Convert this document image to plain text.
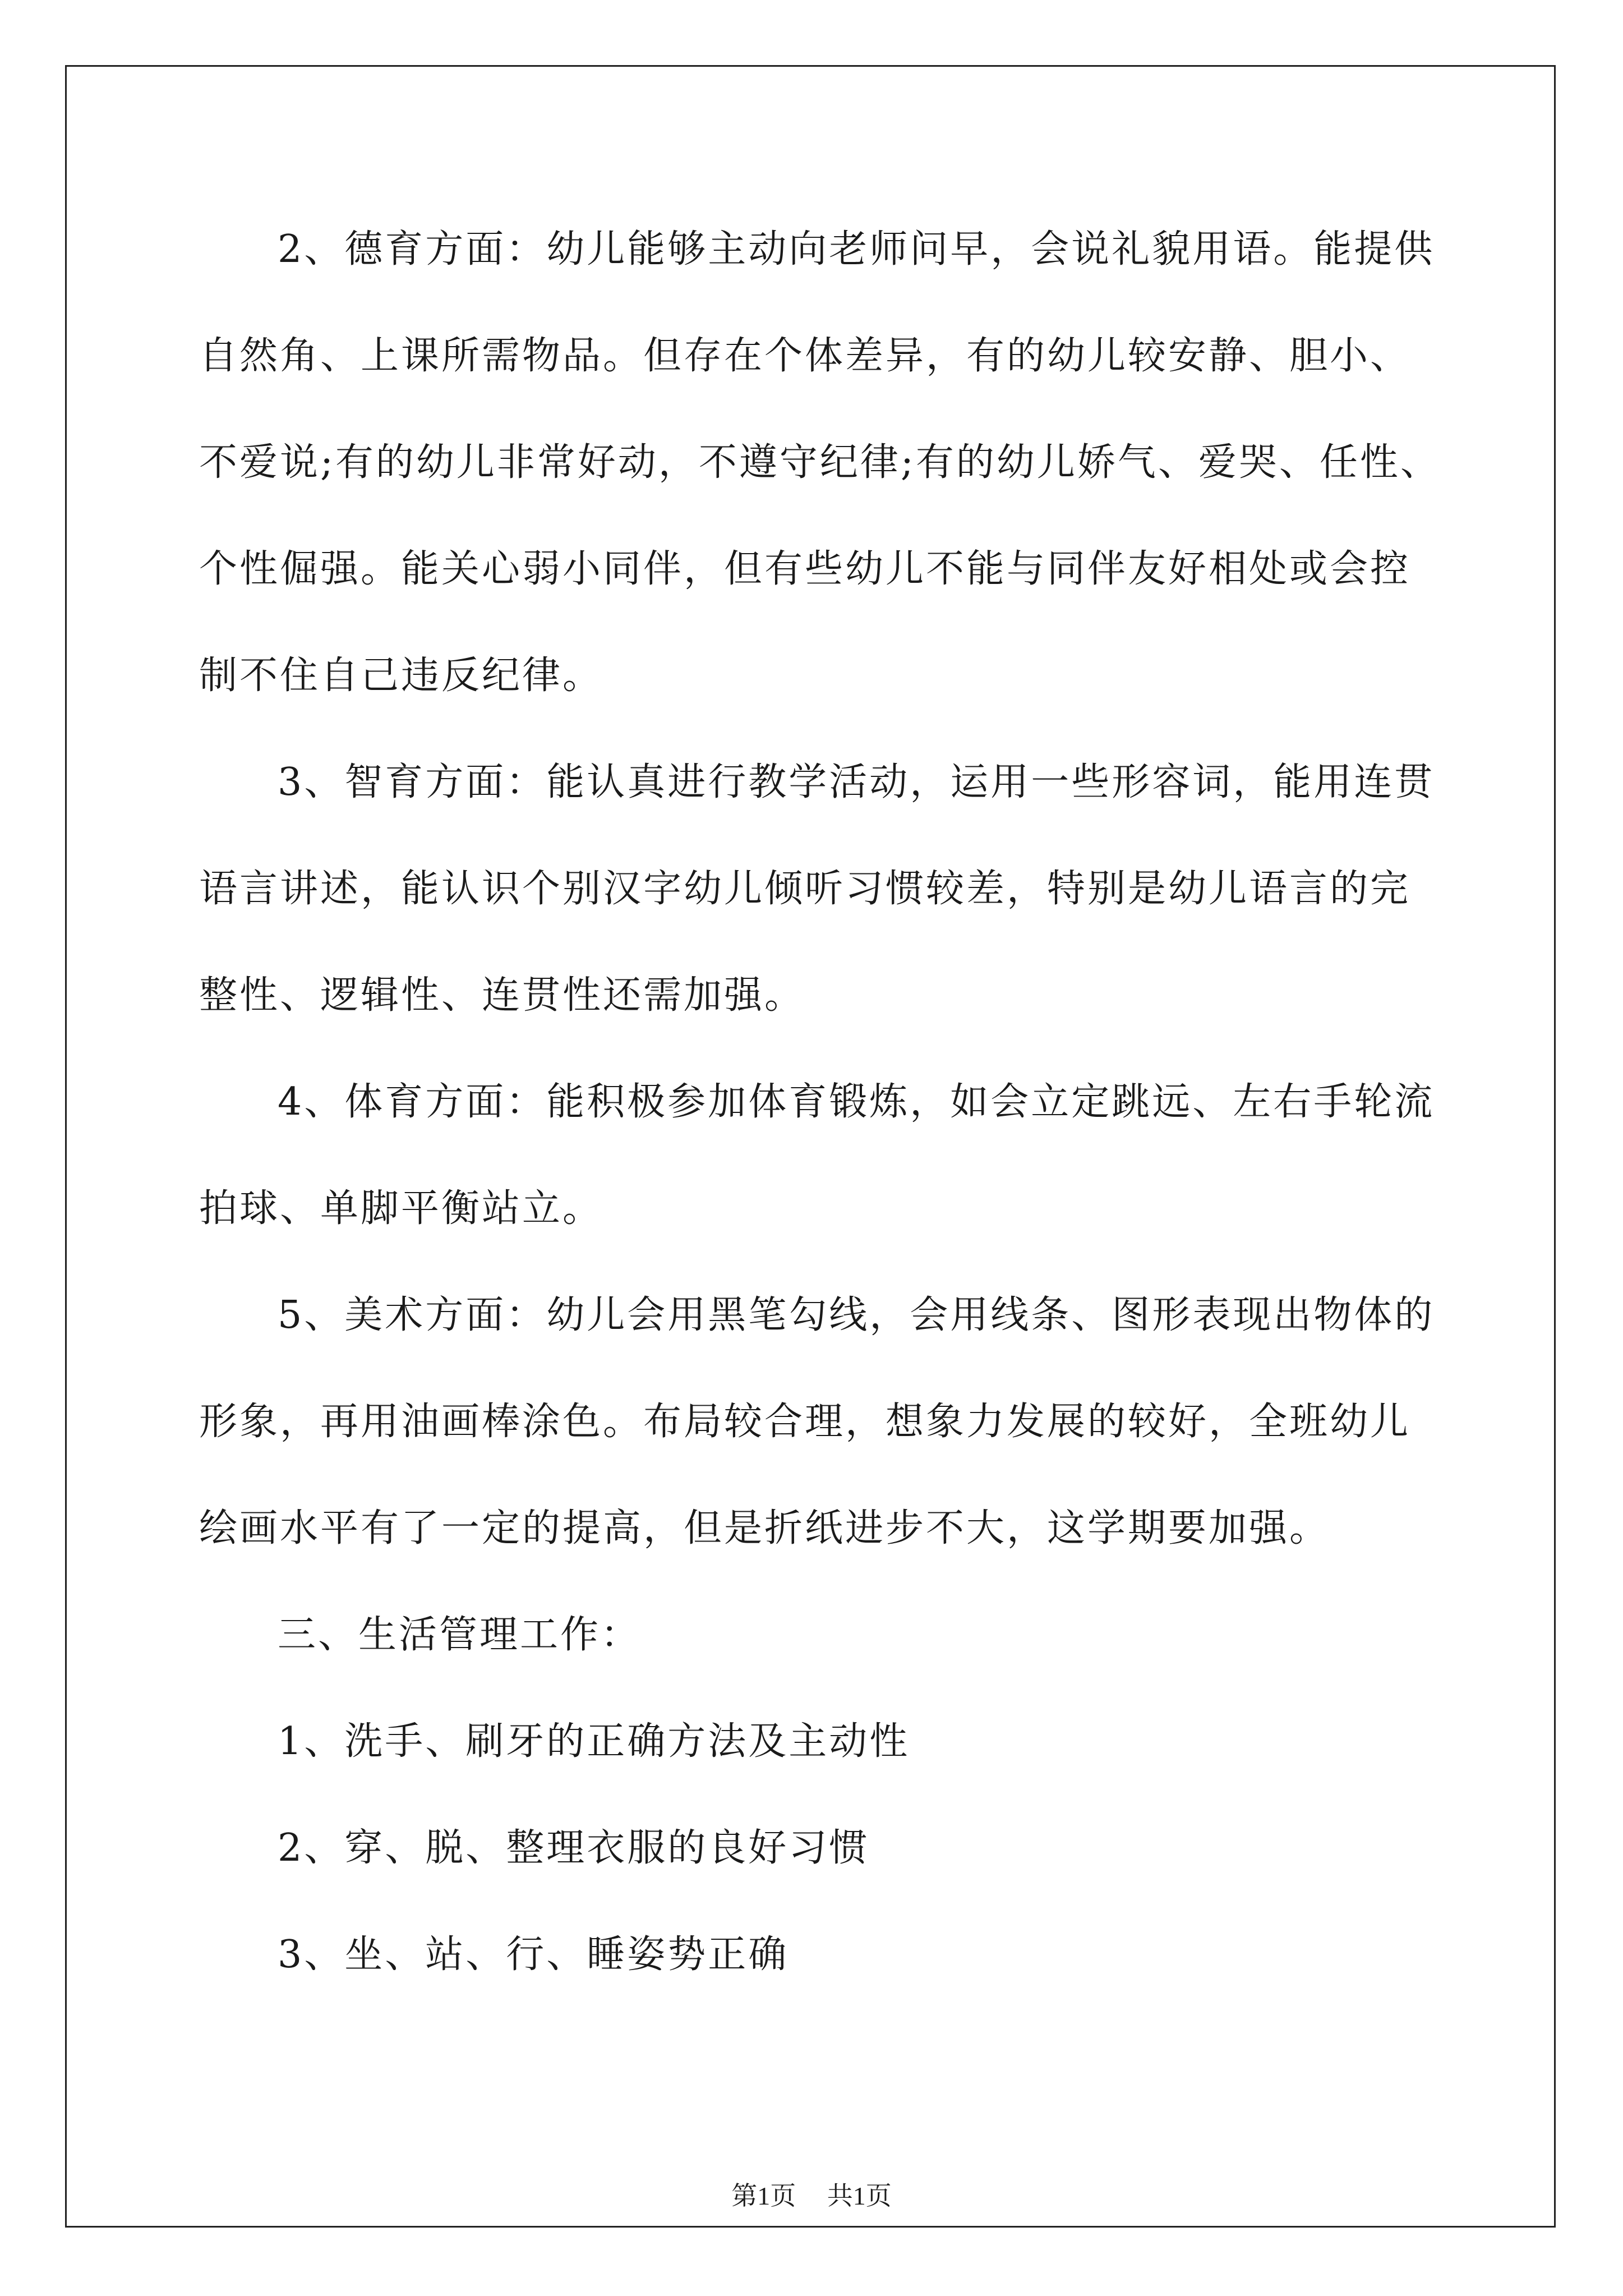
2、德育方面：幼儿能够主动向老师问早，会说礼貌用语。能提供
自然角、上课所需物品。但存在个体差异，有的幼儿较安静、胆小、
不爱说;有的幼儿非常好动，不遵守纪律;有的幼儿娇气、爱哭、任性、
个性倔强。能关心弱小同伴，但有些幼儿不能与同伴友好相处或会控
制不住自己违反纪律。
3、智育方面：能认真进行教学活动，运用一些形容词，能用连贯
语言讲述，能认识个别汉字幼儿倾听习惯较差，特别是幼儿语言的完
整性、逻辑性、连贯性还需加强。
4、体育方面：能积极参加体育锻炼，如会立定跳远、左右手轮流
拍球、单脚平衡站立。
5、美术方面：幼儿会用黑笔勾线，会用线条、图形表现出物体的
形象，再用油画棒涂色。布局较合理，想象力发展的较好，全班幼儿
绘画水平有了一定的提高，但是折纸进步不大，这学期要加强。
三、生活管理工作：
1、洗手、刷牙的正确方法及主动性
2、穿、脱、整理衣服的良好习惯
3、坐、站、行、睡姿势正确
第1页 共1页
